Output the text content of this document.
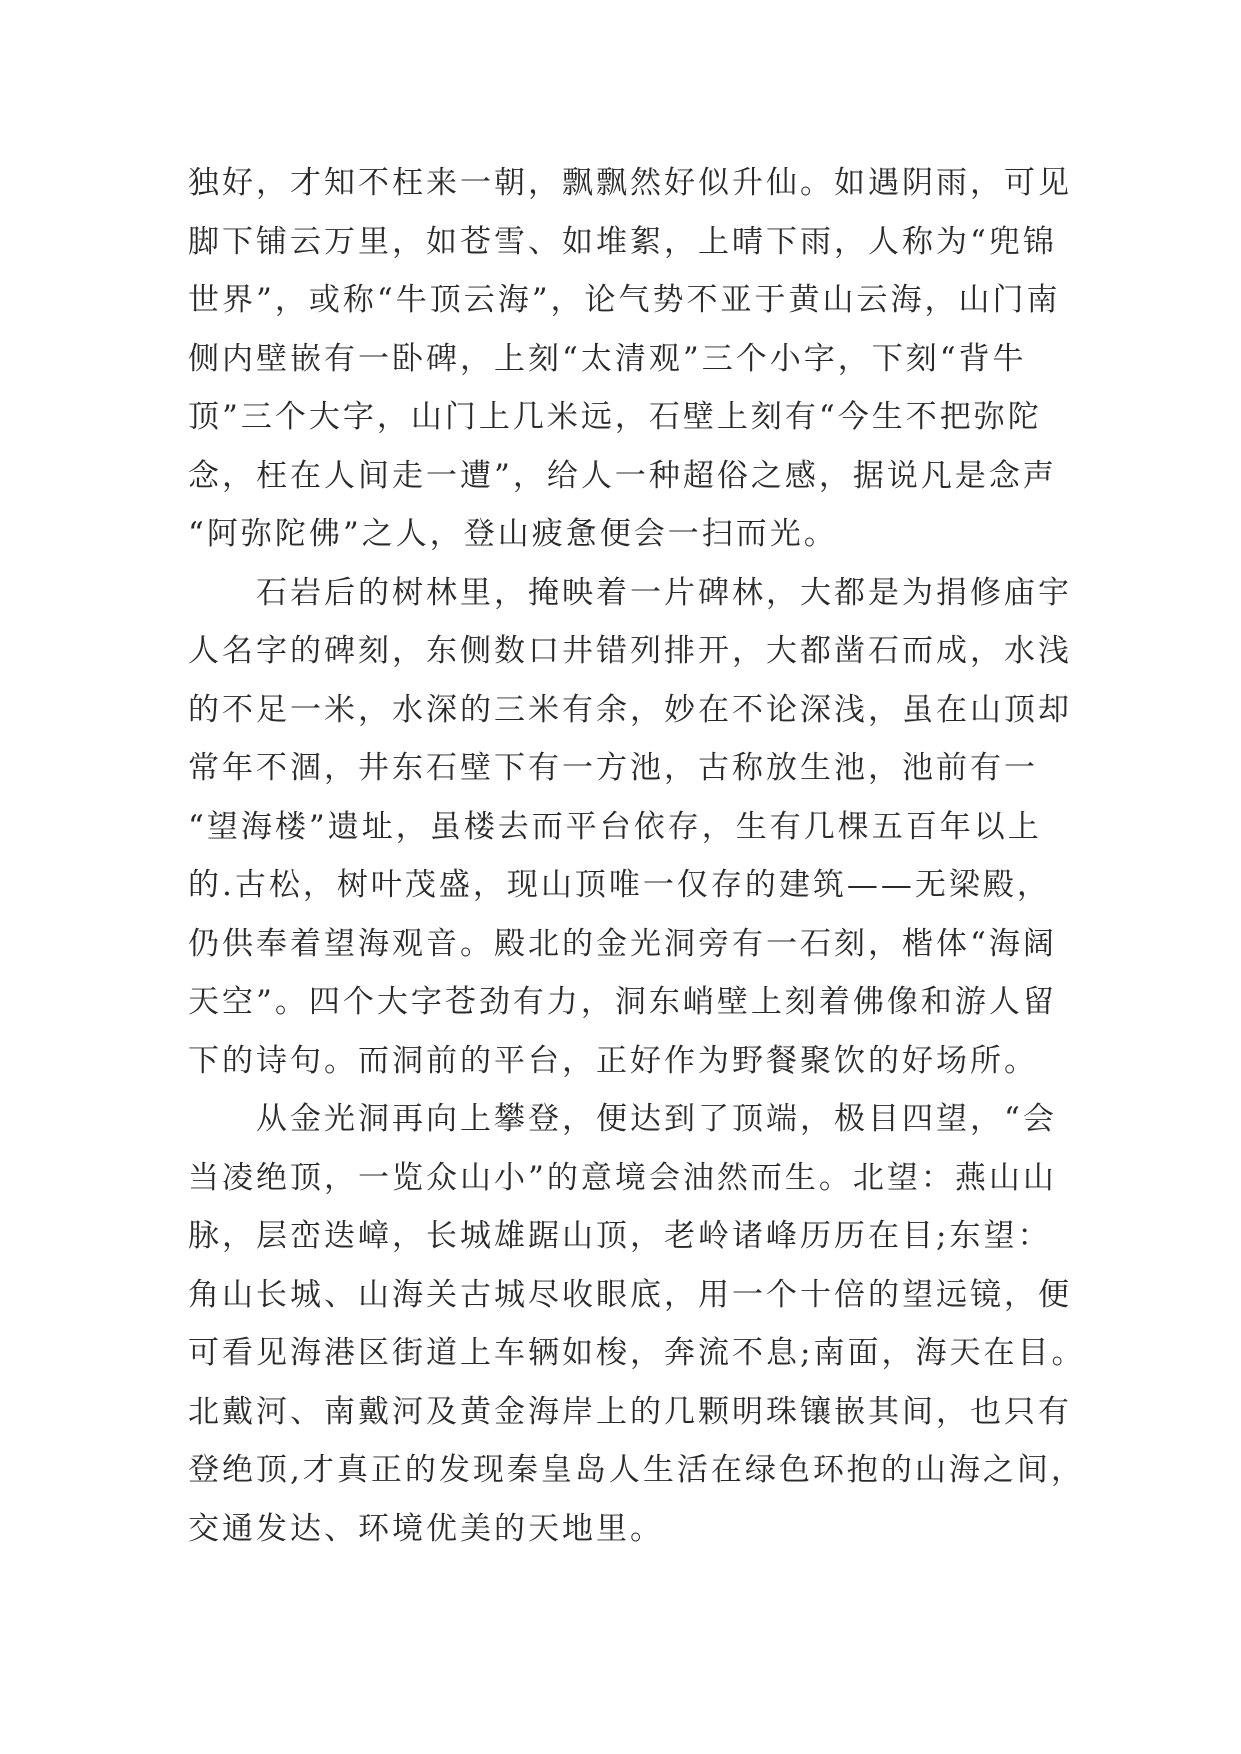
独好，才知不枉来一朝，飘飘然好似升仙。如遇阴雨，可见
脚下铺云万里，如苍雪、如堆絮，上晴下雨，人称为“兜锦
世界”，或称“牛顶云海”，论气势不亚于黄山云海，山门南
侧内壁嵌有一卧碑，上刻“太清观”三个小字，下刻“背牛
顶”三个大字，山门上几米远，石壁上刻有“今生不把弥陀
念，枉在人间走一遭”，给人一种超俗之感，据说凡是念声
“阿弥陀佛”之人，登山疲惫便会一扫而光。
　　石岩后的树林里，掩映着一片碑林，大都是为捐修庙宇
人名字的碑刻，东侧数口井错列排开，大都凿石而成，水浅
的不足一米，水深的三米有余，妙在不论深浅，虽在山顶却
常年不涸，井东石壁下有一方池，古称放生池，池前有一
“望海楼”遗址，虽楼去而平台依存，生有几棵五百年以上
的.古松，树叶茂盛，现山顶唯一仅存的建筑——无梁殿，
仍供奉着望海观音。殿北的金光洞旁有一石刻，楷体“海阔
天空”。四个大字苍劲有力，洞东峭壁上刻着佛像和游人留
下的诗句。而洞前的平台，正好作为野餐聚饮的好场所。
　　从金光洞再向上攀登，便达到了顶端，极目四望，“会
当凌绝顶，一览众山小”的意境会油然而生。北望：燕山山
脉，层峦迭嶂，长城雄踞山顶，老岭诸峰历历在目;东望：
角山长城、山海关古城尽收眼底，用一个十倍的望远镜，便
可看见海港区街道上车辆如梭，奔流不息;南面，海天在目。
北戴河、南戴河及黄金海岸上的几颗明珠镶嵌其间，也只有
登绝顶,才真正的发现秦皇岛人生活在绿色环抱的山海之间，
交通发达、环境优美的天地里。
